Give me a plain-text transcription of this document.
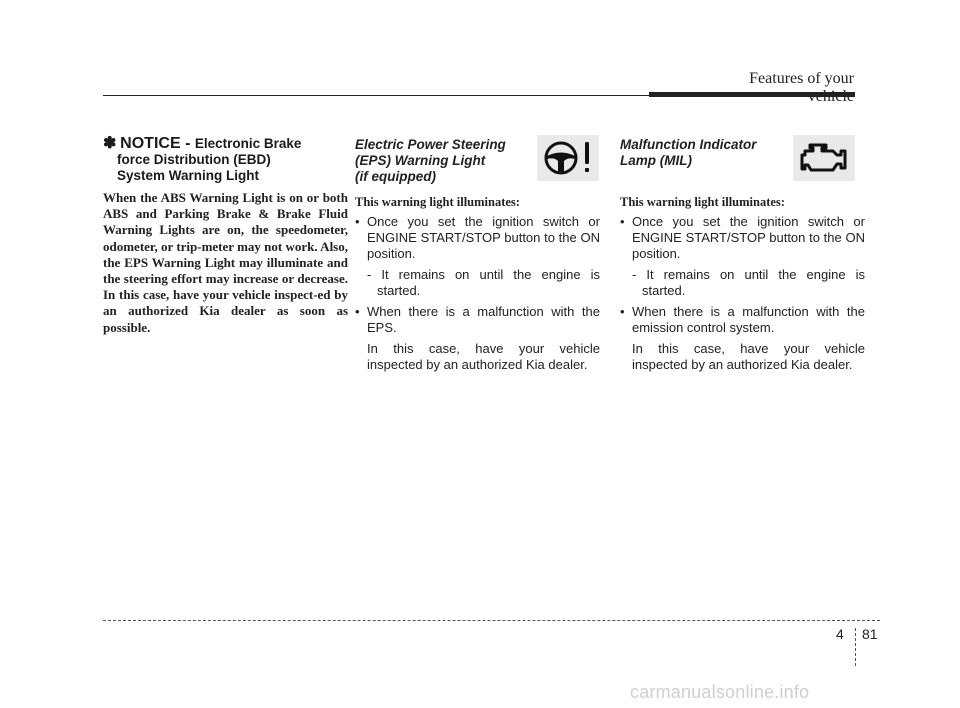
Features of your
✽ NOTICE - Electronic Brake
force Distribution (EBD)
System Warning Light
When the ABS Warning Light is on or both ABS and Parking Brake & Brake Fluid Warning Lights are on, the speedometer, odometer, or trip-meter may not work. Also, the EPS Warning Light may illuminate and the steering effort may increase or decrease. In this case, have your vehicle inspect-ed by an authorized Kia dealer as soon as possible.
Electric Power Steering
(EPS) Warning Light
(if equipped)
This warning light illuminates:
• Once you set the ignition switch or ENGINE START/STOP button to the ON position.
- It remains on until the engine is started.
• When there is a malfunction with the EPS.
In this case, have your vehicle inspected by an authorized Kia dealer.
Malfunction Indicator
Lamp (MIL)
This warning light illuminates:
• Once you set the ignition switch or ENGINE START/STOP button to the ON position.
- It remains on until the engine is started.
• When there is a malfunction with the emission control system.
In this case, have your vehicle inspected by an authorized Kia dealer.
4 81
carmanualsonline.info
